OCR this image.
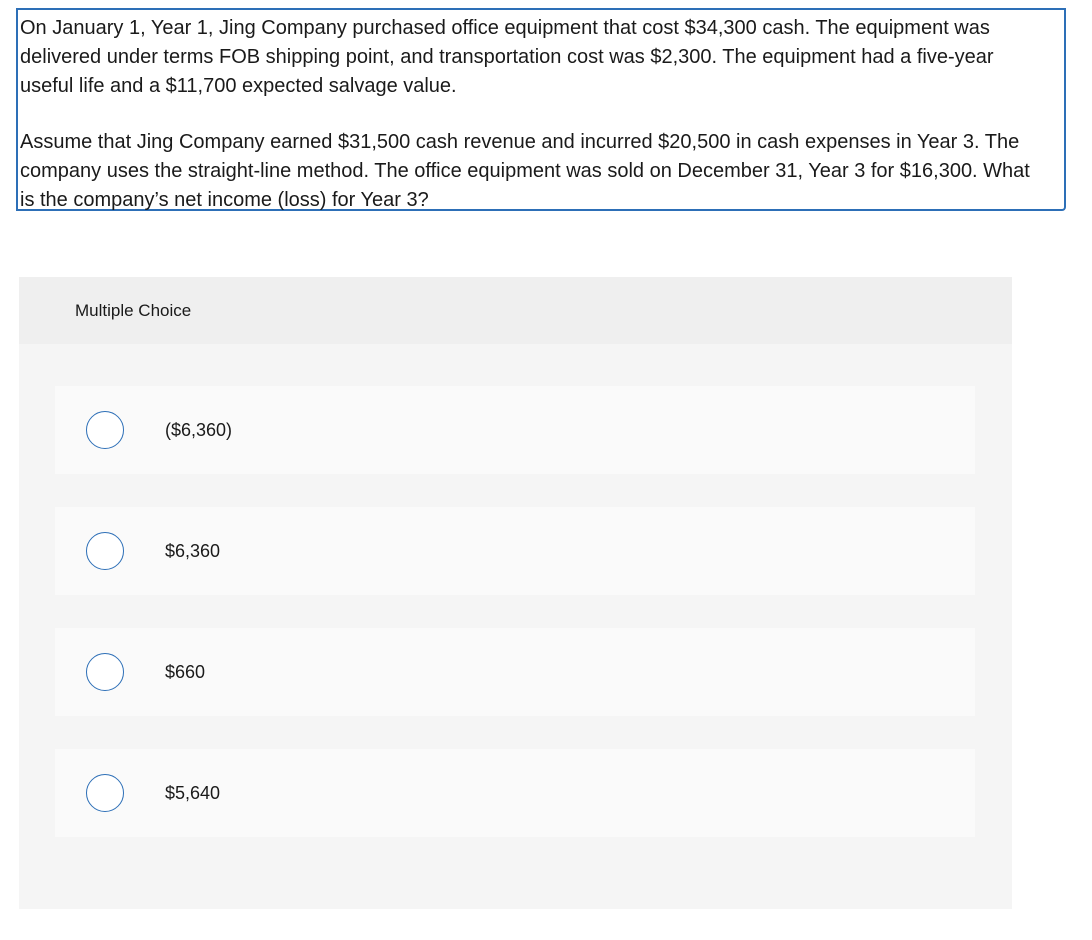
On January 1, Year 1, Jing Company purchased office equipment that cost $34,300 cash. The equipment was delivered under terms FOB shipping point, and transportation cost was $2,300. The equipment had a five-year useful life and a $11,700 expected salvage value.

Assume that Jing Company earned $31,500 cash revenue and incurred $20,500 in cash expenses in Year 3. The company uses the straight-line method. The office equipment was sold on December 31, Year 3 for $16,300. What is the company’s net income (loss) for Year 3?

Multiple Choice
($6,360)
$6,360
$660
$5,640
